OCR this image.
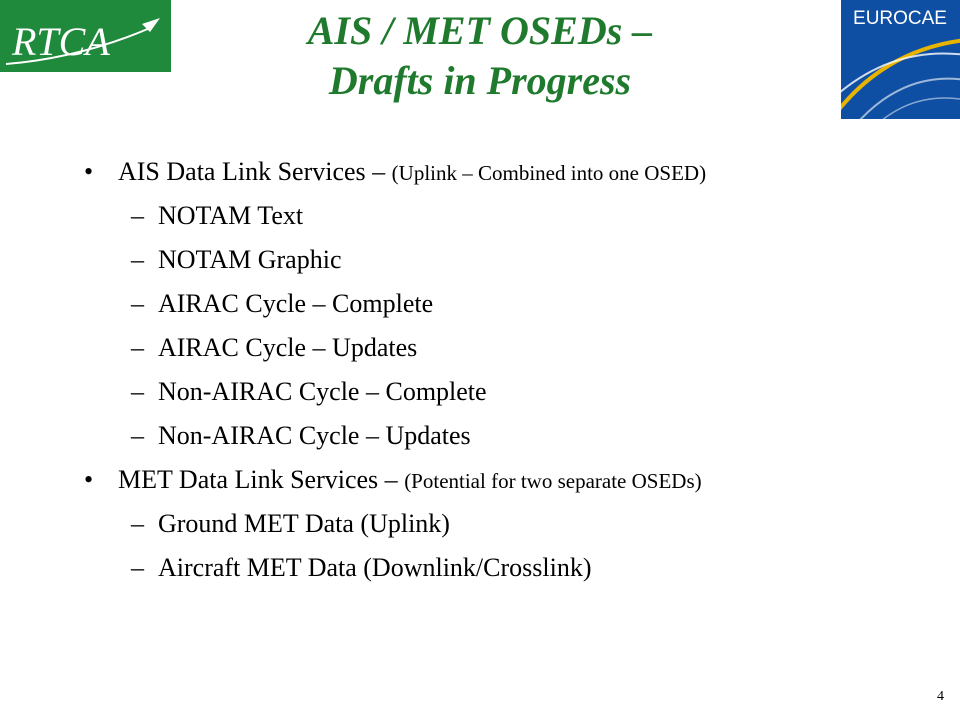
RTCA
EUROCAE
AIS / MET OSEDs –
Drafts in Progress
• AIS Data Link Services – (Uplink – Combined into one OSED)
– NOTAM Text
– NOTAM Graphic
– AIRAC Cycle – Complete
– AIRAC Cycle – Updates
– Non-AIRAC Cycle – Complete
– Non-AIRAC Cycle – Updates
• MET Data Link Services – (Potential for two separate OSEDs)
– Ground MET Data (Uplink)
– Aircraft MET Data (Downlink/Crosslink)
4
